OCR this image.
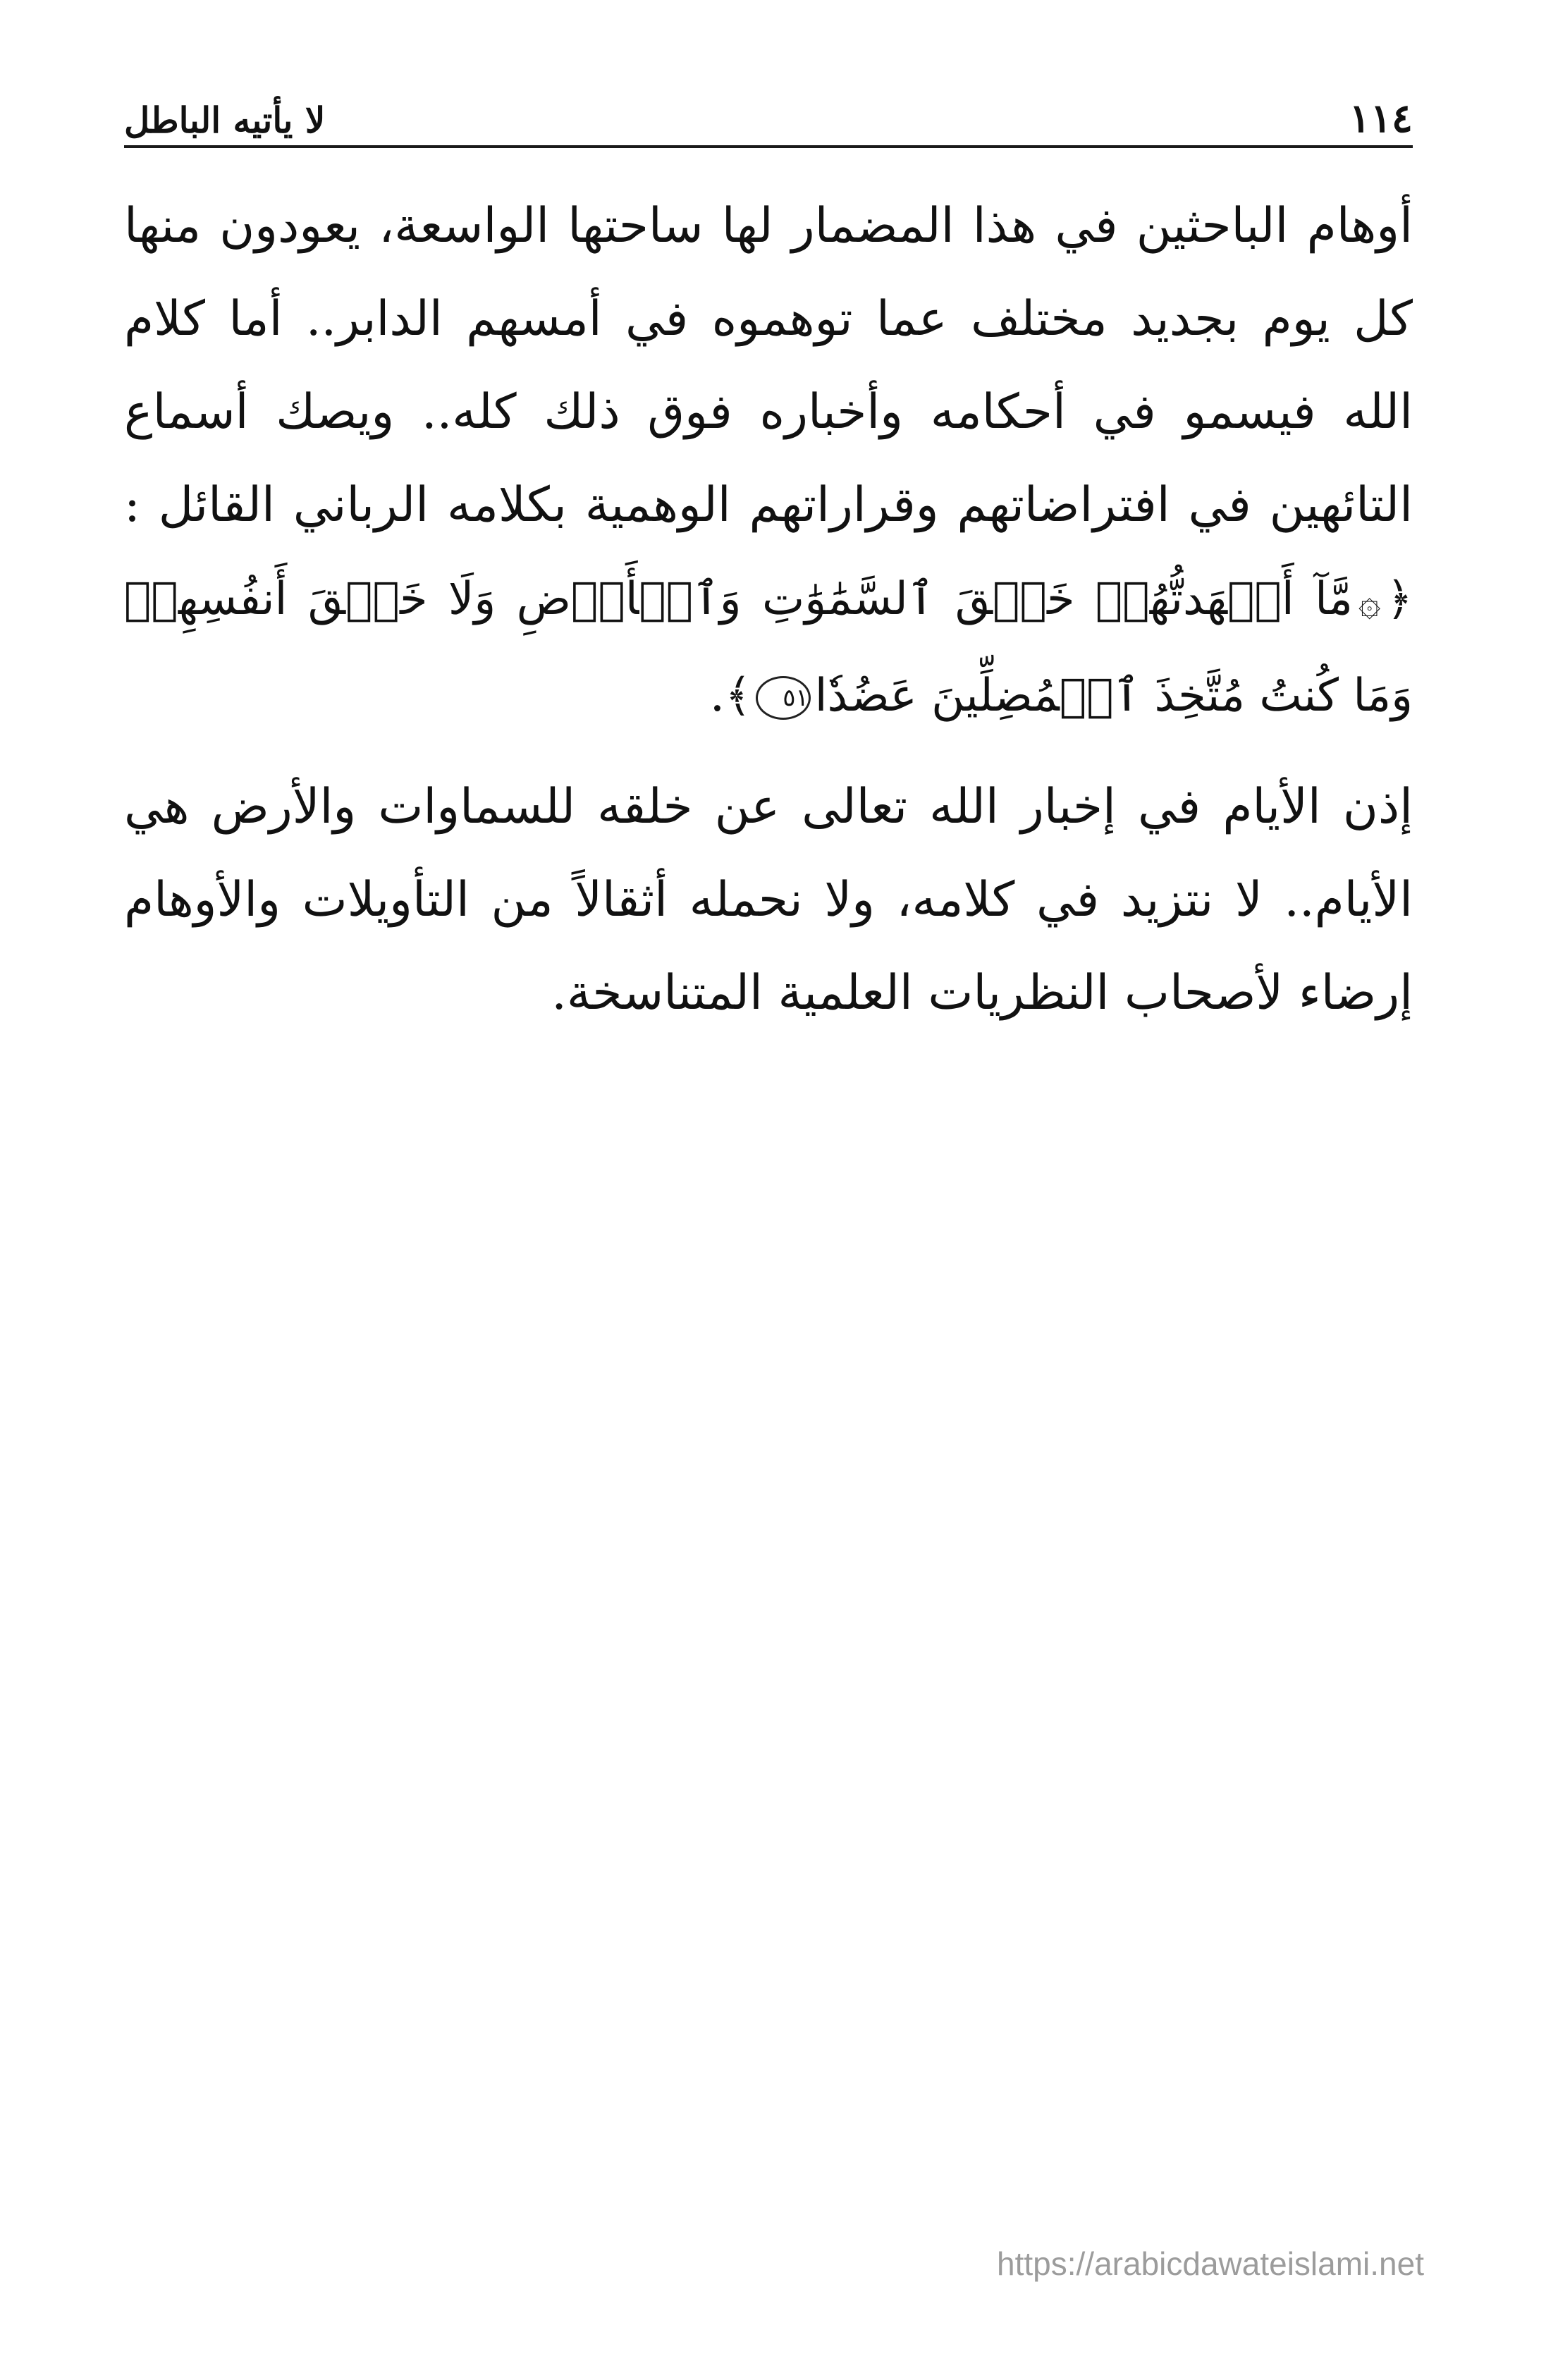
١١٤
لا يأتيه الباطل

أوهام الباحثين في هذا المضمار لها ساحتها الواسعة، يعودون منها كل يوم بجديد مختلف عما توهموه في أمسهم الدابر.. أما كلام الله فيسمو في أحكامه وأخباره فوق ذلك كله.. ويصك أسماع التائهين في افتراضاتهم وقراراتهم الوهمية بكلامه الرباني القائل : ﴿۞مَّآ أَشۡهَدتُّهُمۡ خَلۡقَ ٱلسَّمَٰوَٰتِ وَٱلۡأَرۡضِ وَلَا خَلۡقَ أَنفُسِهِمۡ وَمَا كُنتُ مُتَّخِذَ ٱلۡمُضِلِّينَ عَضُدٗا٥١﴾.

إذن الأيام في إخبار الله تعالى عن خلقه للسماوات والأرض هي الأيام.. لا نتزيد في كلامه، ولا نحمله أثقالاً من التأويلات والأوهام إرضاء لأصحاب النظريات العلمية المتناسخة.

https://arabicdawateislami.net
